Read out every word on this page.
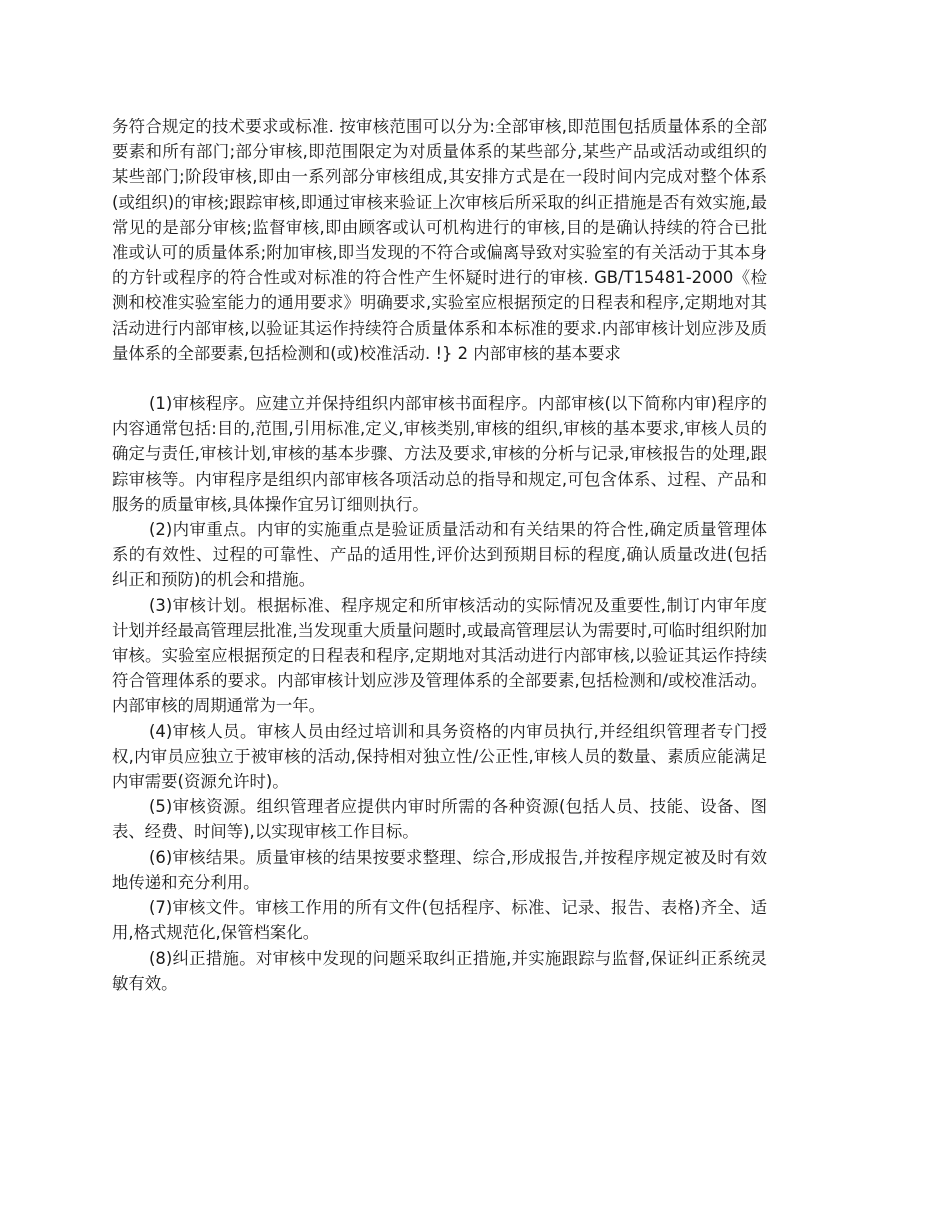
务符合规定的技术要求或标准. 按审核范围可以分为:全部审核,即范围包括质量体系的全部要素和所有部门;部分审核,即范围限定为对质量体系的某些部分,某些产品或活动或组织的某些部门;阶段审核,即由一系列部分审核组成,其安排方式是在一段时间内完成对整个体系(或组织)的审核;跟踪审核,即通过审核来验证上次审核后所采取的纠正措施是否有效实施,最常见的是部分审核;监督审核,即由顾客或认可机构进行的审核,目的是确认持续的符合已批准或认可的质量体系;附加审核,即当发现的不符合或偏离导致对实验室的有关活动于其本身的方针或程序的符合性或对标准的符合性产生怀疑时进行的审核. GB/T15481-2000《检测和校准实验室能力的通用要求》明确要求,实验室应根据预定的日程表和程序,定期地对其活动进行内部审核,以验证其运作持续符合质量体系和本标准的要求.内部审核计划应涉及质量体系的全部要素,包括检测和(或)校准活动. !} 2 内部审核的基本要求

(1)审核程序。应建立并保持组织内部审核书面程序。内部审核(以下简称内审)程序的内容通常包括:目的,范围,引用标准,定义,审核类别,审核的组织,审核的基本要求,审核人员的确定与责任,审核计划,审核的基本步骤、方法及要求,审核的分析与记录,审核报告的处理,跟踪审核等。内审程序是组织内部审核各项活动总的指导和规定,可包含体系、过程、产品和服务的质量审核,具体操作宜另订细则执行。

(2)内审重点。内审的实施重点是验证质量活动和有关结果的符合性,确定质量管理体系的有效性、过程的可靠性、产品的适用性,评价达到预期目标的程度,确认质量改进(包括纠正和预防)的机会和措施。

(3)审核计划。根据标准、程序规定和所审核活动的实际情况及重要性,制订内审年度计划并经最高管理层批准,当发现重大质量问题时,或最高管理层认为需要时,可临时组织附加审核。实验室应根据预定的日程表和程序,定期地对其活动进行内部审核,以验证其运作持续符合管理体系的要求。内部审核计划应涉及管理体系的全部要素,包括检测和/或校准活动。内部审核的周期通常为一年。

(4)审核人员。审核人员由经过培训和具务资格的内审员执行,并经组织管理者专门授权,内审员应独立于被审核的活动,保持相对独立性/公正性,审核人员的数量、素质应能满足内审需要(资源允许时)。

(5)审核资源。组织管理者应提供内审时所需的各种资源(包括人员、技能、设备、图表、经费、时间等),以实现审核工作目标。

(6)审核结果。质量审核的结果按要求整理、综合,形成报告,并按程序规定被及时有效地传递和充分利用。

(7)审核文件。审核工作用的所有文件(包括程序、标准、记录、报告、表格)齐全、适用,格式规范化,保管档案化。

(8)纠正措施。对审核中发现的问题采取纠正措施,并实施跟踪与监督,保证纠正系统灵敏有效。
